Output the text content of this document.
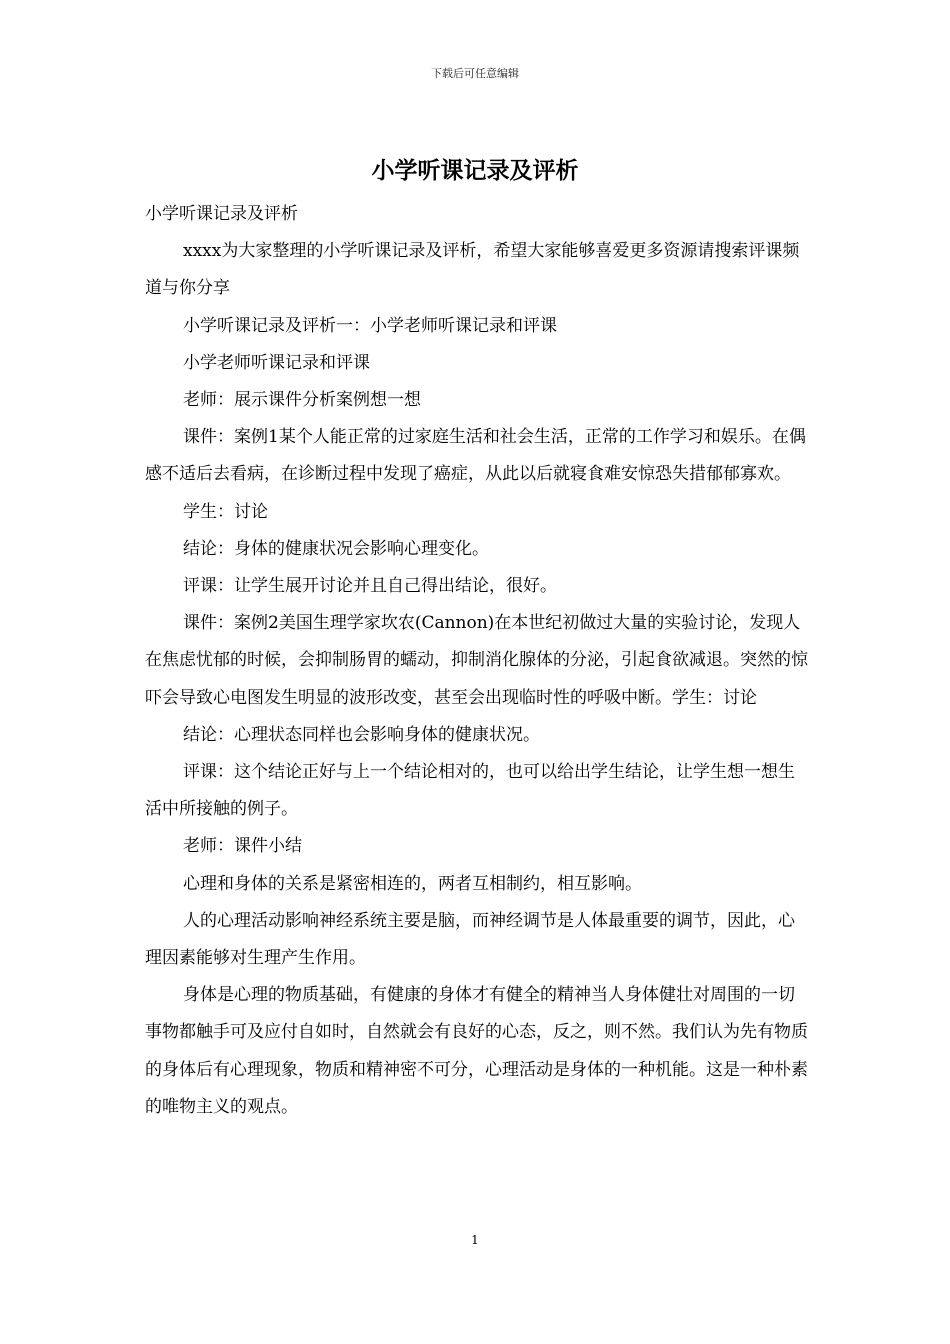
下载后可任意编辑
小学听课记录及评析

小学听课记录及评析

xxxx为大家整理的小学听课记录及评析，希望大家能够喜爱更多资源请搜索评课频道与你分享

小学听课记录及评析一：小学老师听课记录和评课

小学老师听课记录和评课

老师：展示课件分析案例想一想

课件：案例1某个人能正常的过家庭生活和社会生活，正常的工作学习和娱乐。在偶感不适后去看病，在诊断过程中发现了癌症，从此以后就寝食难安惊恐失措郁郁寡欢。

学生：讨论

结论：身体的健康状况会影响心理变化。

评课：让学生展开讨论并且自己得出结论，很好。

课件：案例2美国生理学家坎农(Cannon)在本世纪初做过大量的实验讨论，发现人在焦虑忧郁的时候，会抑制肠胃的蠕动，抑制消化腺体的分泌，引起食欲减退。突然的惊吓会导致心电图发生明显的波形改变，甚至会出现临时性的呼吸中断。学生：讨论

结论：心理状态同样也会影响身体的健康状况。

评课：这个结论正好与上一个结论相对的，也可以给出学生结论，让学生想一想生活中所接触的例子。

老师：课件小结

心理和身体的关系是紧密相连的，两者互相制约，相互影响。

人的心理活动影响神经系统主要是脑，而神经调节是人体最重要的调节，因此，心理因素能够对生理产生作用。

身体是心理的物质基础，有健康的身体才有健全的精神当人身体健壮对周围的一切事物都触手可及应付自如时，自然就会有良好的心态，反之，则不然。我们认为先有物质的身体后有心理现象，物质和精神密不可分，心理活动是身体的一种机能。这是一种朴素的唯物主义的观点。

1
